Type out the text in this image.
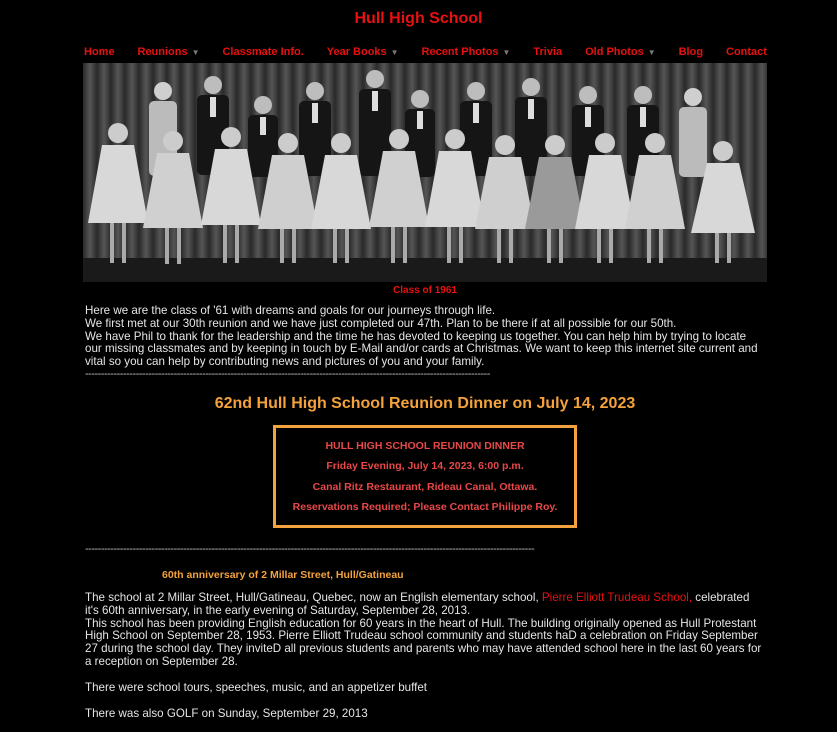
Hull High School
Home Reunions ▼ Classmate Info. Year Books ▼ Recent Photos ▼ Trivia Old Photos ▼ Blog Contact
Class of 1961

Here we are the class of '61 with dreams and goals for our journeys through life.

We first met at our 30th reunion and we have just completed our 47th. Plan to be there if at all possible for our 50th.

We have Phil to thank for the leadership and the time he has devoted to keeping us together. You can help him by trying to locate our missing classmates and by keeping in touch by E-Mail and/or cards at Christmas. We want to keep this internet site current and vital so you can help by contributing news and pictures of you and your family.

--------------------------------------------------------------------------------------------------------------------------------
62nd Hull High School Reunion Dinner on July 14, 2023
HULL HIGH SCHOOL REUNION DINNER
Friday Evening, July 14, 2023, 6:00 p.m.
Canal Ritz Restaurant, Rideau Canal, Ottawa.
Reservations Required; Please Contact Philippe Roy.
----------------------------------------------------------------------------------------------------------------------------------------------
60th anniversary of 2 Millar Street, Hull/Gatineau

The school at 2 Millar Street, Hull/Gatineau, Quebec, now an English elementary school, Pierre Elliott Trudeau School, celebrated it's 60th anniversary, in the early evening of Saturday, September 28, 2013.

This school has been providing English education for 60 years in the heart of Hull. The building originally opened as Hull Protestant High School on September 28, 1953. Pierre Elliott Trudeau school community and students haD a celebration on Friday September 27 during the school day. They inviteD all previous students and parents who may have attended school here in the last 60 years for a reception on September 28.

There were school tours, speeches, music, and an appetizer buffet

There was also GOLF on Sunday, September 29, 2013
